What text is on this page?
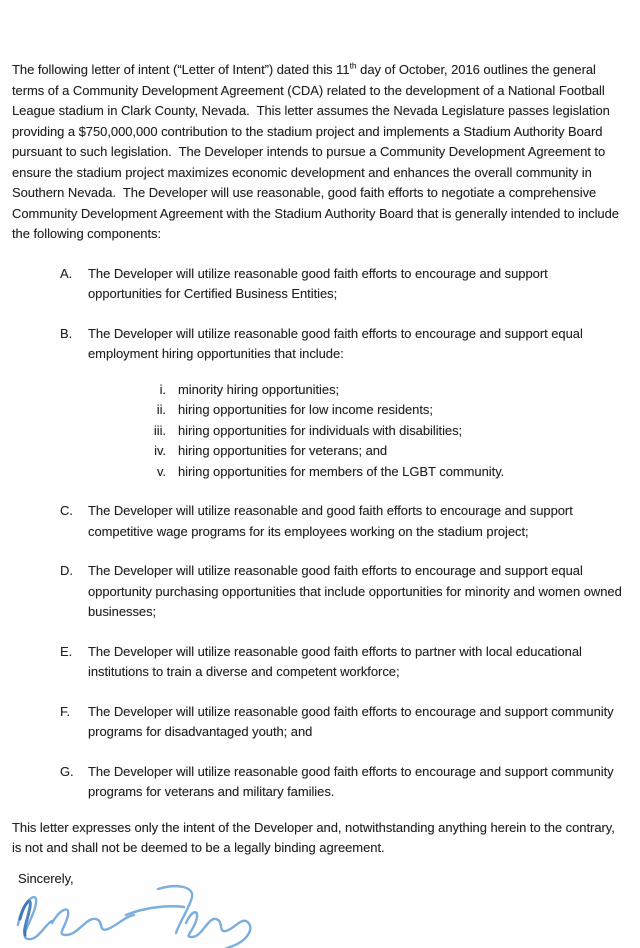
The following letter of intent (“Letter of Intent”) dated this 11th day of October, 2016 outlines the general terms of a Community Development Agreement (CDA) related to the development of a National Football League stadium in Clark County, Nevada.  This letter assumes the Nevada Legislature passes legislation providing a $750,000,000 contribution to the stadium project and implements a Stadium Authority Board pursuant to such legislation.  The Developer intends to pursue a Community Development Agreement to ensure the stadium project maximizes economic development and enhances the overall community in Southern Nevada.  The Developer will use reasonable, good faith efforts to negotiate a comprehensive Community Development Agreement with the Stadium Authority Board that is generally intended to include the following components:

A.	The Developer will utilize reasonable good faith efforts to encourage and support opportunities for Certified Business Entities;
B.	The Developer will utilize reasonable good faith efforts to encourage and support equal employment hiring opportunities that include:
i. minority hiring opportunities;
ii. hiring opportunities for low income residents;
iii. hiring opportunities for individuals with disabilities;
iv. hiring opportunities for veterans; and
v. hiring opportunities for members of the LGBT community.
C.	The Developer will utilize reasonable and good faith efforts to encourage and support competitive wage programs for its employees working on the stadium project;
D.	The Developer will utilize reasonable good faith efforts to encourage and support equal opportunity purchasing opportunities that include opportunities for minority and women owned businesses;
E.	The Developer will utilize reasonable good faith efforts to partner with local educational institutions to train a diverse and competent workforce;
F.	The Developer will utilize reasonable good faith efforts to encourage and support community programs for disadvantaged youth; and
G.	The Developer will utilize reasonable good faith efforts to encourage and support community programs for veterans and military families.

This letter expresses only the intent of the Developer and, notwithstanding anything herein to the contrary, is not and shall not be deemed to be a legally binding agreement.

Sincerely,
